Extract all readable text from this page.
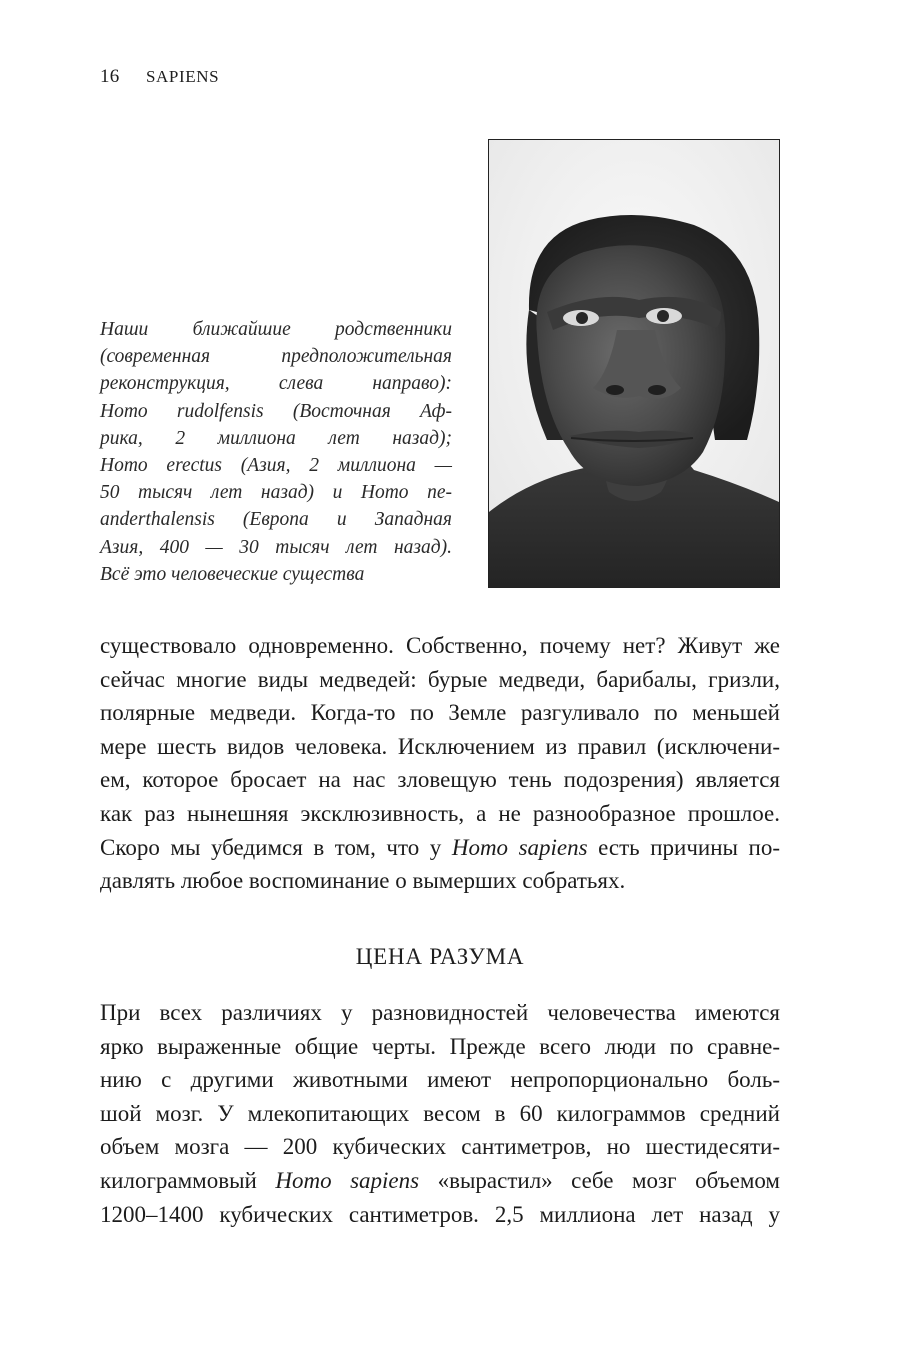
16 SAPIENS
Наши ближайшие родственники
(современная предположительная
реконструкция, слева направо):
Homo rudolfensis (Восточная Аф-
рика, 2 миллиона лет назад);
Homo erectus (Азия, 2 миллиона —
50 тысяч лет назад) и Homo ne-
anderthalensis (Европа и Западная
Азия, 400 — 30 тысяч лет назад).
Всё это человеческие существа
существовало одновременно. Собственно, почему нет? Живут же
сейчас многие виды медведей: бурые медведи, барибалы, гризли,
полярные медведи. Когда-то по Земле разгуливало по меньшей
мере шесть видов человека. Исключением из правил (исключени-
ем, которое бросает на нас зловещую тень подозрения) является
как раз нынешняя эксклюзивность, а не разнообразное прошлое.
Скоро мы убедимся в том, что у Homo sapiens есть причины по-
давлять любое воспоминание о вымерших собратьях.
ЦЕНА РАЗУМА
При всех различиях у разновидностей человечества имеются
ярко выраженные общие черты. Прежде всего люди по сравне-
нию с другими животными имеют непропорционально боль-
шой мозг. У млекопитающих весом в 60 килограммов средний
объем мозга — 200 кубических сантиметров, но шестидесяти-
килограммовый Homo sapiens «вырастил» себе мозг объемом
1200–1400 кубических сантиметров. 2,5 миллиона лет назад у
